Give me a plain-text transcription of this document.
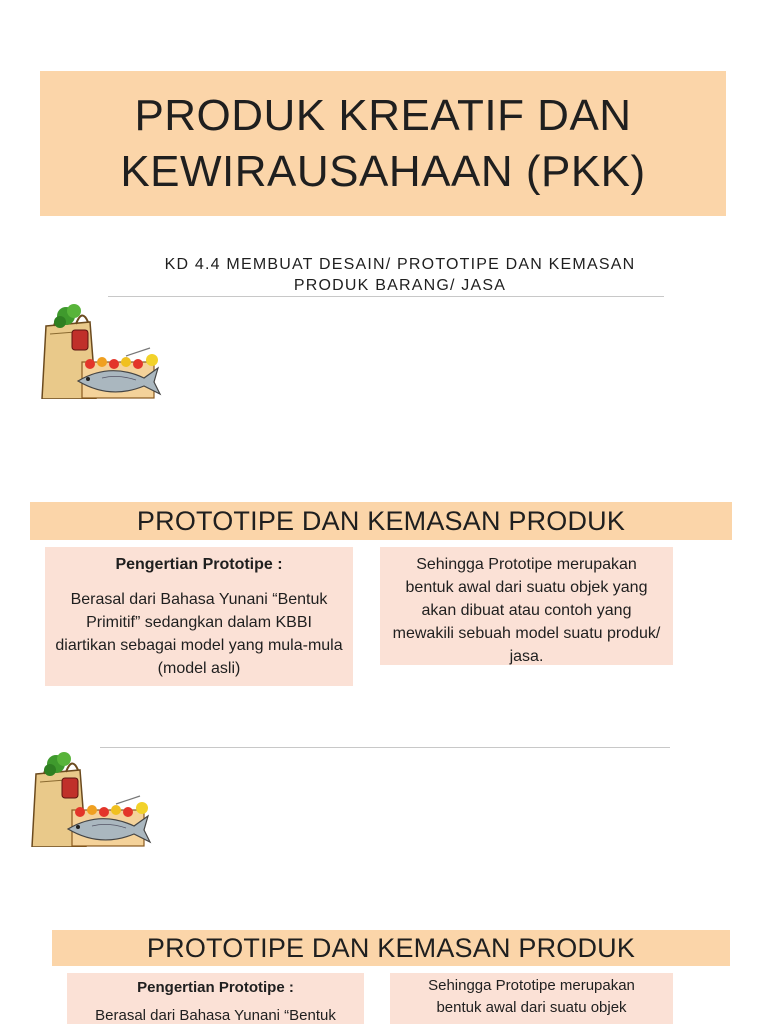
PRODUK KREATIF DAN
KEWIRAUSAHAAN (PKK)
KD 4.4 MEMBUAT DESAIN/ PROTOTIPE DAN KEMASAN
PRODUK BARANG/ JASA
PROTOTIPE DAN KEMASAN PRODUK

Pengertian Prototipe :

Berasal dari Bahasa Yunani “Bentuk Primitif” sedangkan dalam KBBI diartikan sebagai model yang mula-mula (model asli)

Sehingga Prototipe merupakan bentuk awal dari suatu objek yang akan dibuat atau contoh yang mewakili sebuah model suatu produk/ jasa.

PROTOTIPE DAN KEMASAN PRODUK

Pengertian Prototipe :

Berasal dari Bahasa Yunani “Bentuk

Sehingga Prototipe merupakan

bentuk awal dari suatu objek
